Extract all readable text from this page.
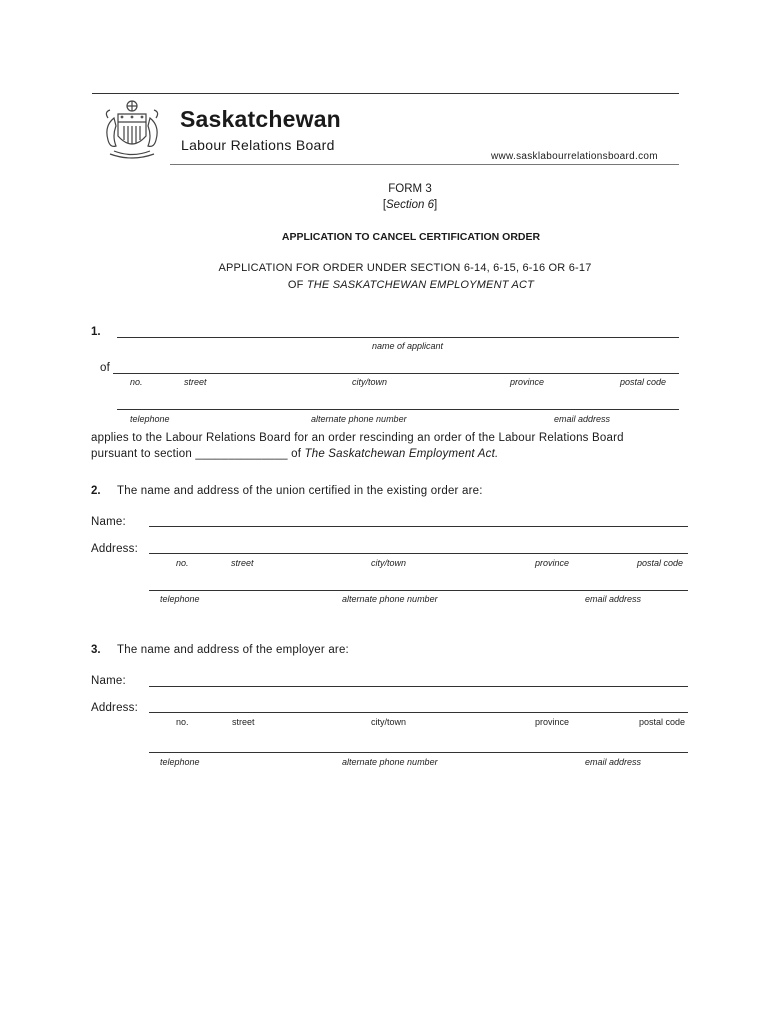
Saskatchewan
Labour Relations Board
www.sasklabourrelationsboard.com
FORM 3
[Section 6]
APPLICATION TO CANCEL CERTIFICATION ORDER
APPLICATION FOR ORDER UNDER SECTION 6-14, 6-15, 6-16 OR 6-17
OF THE SASKATCHEWAN EMPLOYMENT ACT
1.
name of applicant
of
no.	street	city/town	province	postal code
telephone	alternate phone number	email address
applies to the Labour Relations Board for an order rescinding an order of the Labour Relations Board
pursuant to section ______________ of The Saskatchewan Employment Act.
2. The name and address of the union certified in the existing order are:
Name:
Address:
no.	street	city/town	province	postal code
telephone	alternate phone number	email address
3. The name and address of the employer are:
Name:
Address:
no.	street	city/town	province	postal code
telephone	alternate phone number	email address
